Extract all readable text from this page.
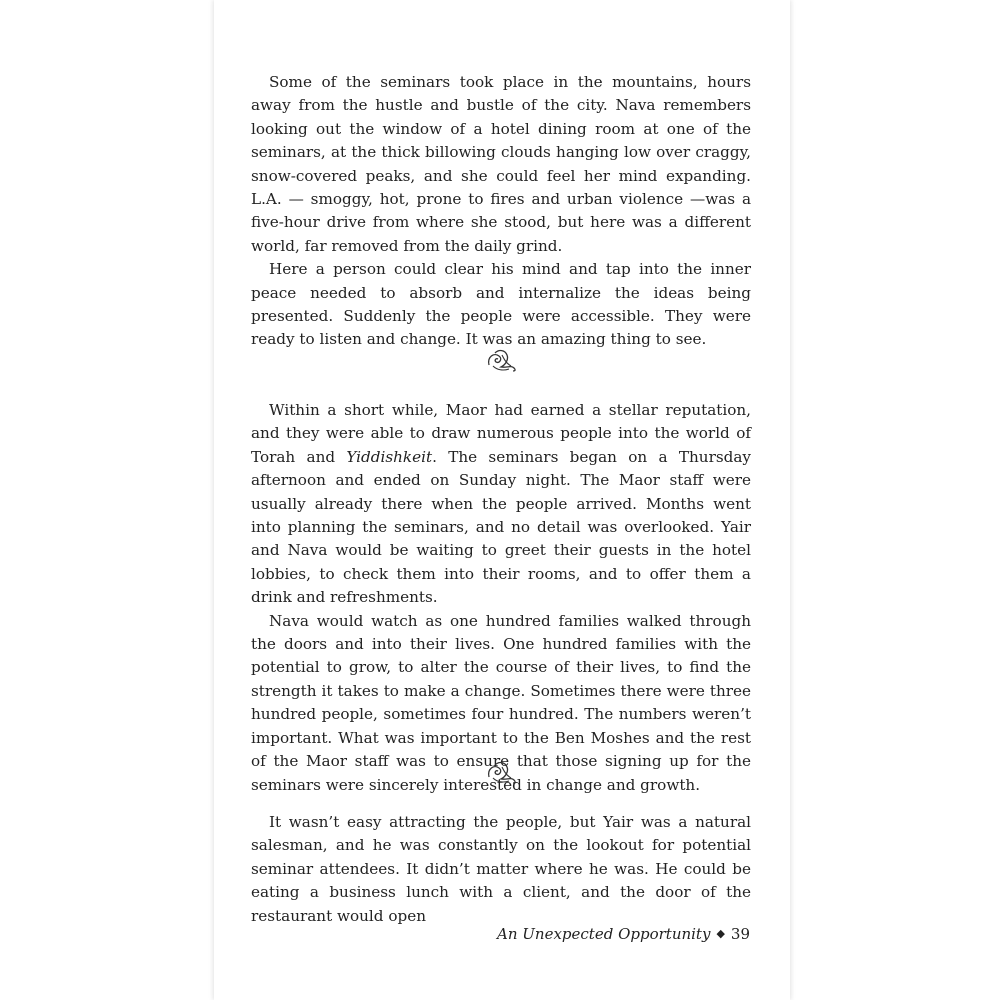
Some of the seminars took place in the mountains, hours away from the hustle and bustle of the city. Nava remembers looking out the window of a hotel dining room at one of the seminars, at the thick billowing clouds hanging low over craggy, snow-covered peaks, and she could feel her mind expanding. L.A. — smoggy, hot, prone to fires and urban violence —was a five-hour drive from where she stood, but here was a different world, far removed from the daily grind.

Here a person could clear his mind and tap into the inner peace needed to absorb and internalize the ideas being presented. Suddenly the people were accessible. They were ready to listen and change. It was an amazing thing to see.

Within a short while, Maor had earned a stellar reputation, and they were able to draw numerous people into the world of Torah and Yiddishkeit. The seminars began on a Thursday afternoon and ended on Sunday night. The Maor staff were usually already there when the people arrived. Months went into planning the seminars, and no detail was overlooked. Yair and Nava would be waiting to greet their guests in the hotel lobbies, to check them into their rooms, and to offer them a drink and refreshments.

Nava would watch as one hundred families walked through the doors and into their lives. One hundred families with the potential to grow, to alter the course of their lives, to find the strength it takes to make a change. Sometimes there were three hundred people, sometimes four hundred. The numbers weren’t important. What was important to the Ben Moshes and the rest of the Maor staff was to ensure that those signing up for the seminars were sincerely interested in change and growth.

It wasn’t easy attracting the people, but Yair was a natural salesman, and he was constantly on the lookout for potential seminar attendees. It didn’t matter where he was. He could be eating a business lunch with a client, and the door of the restaurant would open

An Unexpected Opportunity ◆ 39
